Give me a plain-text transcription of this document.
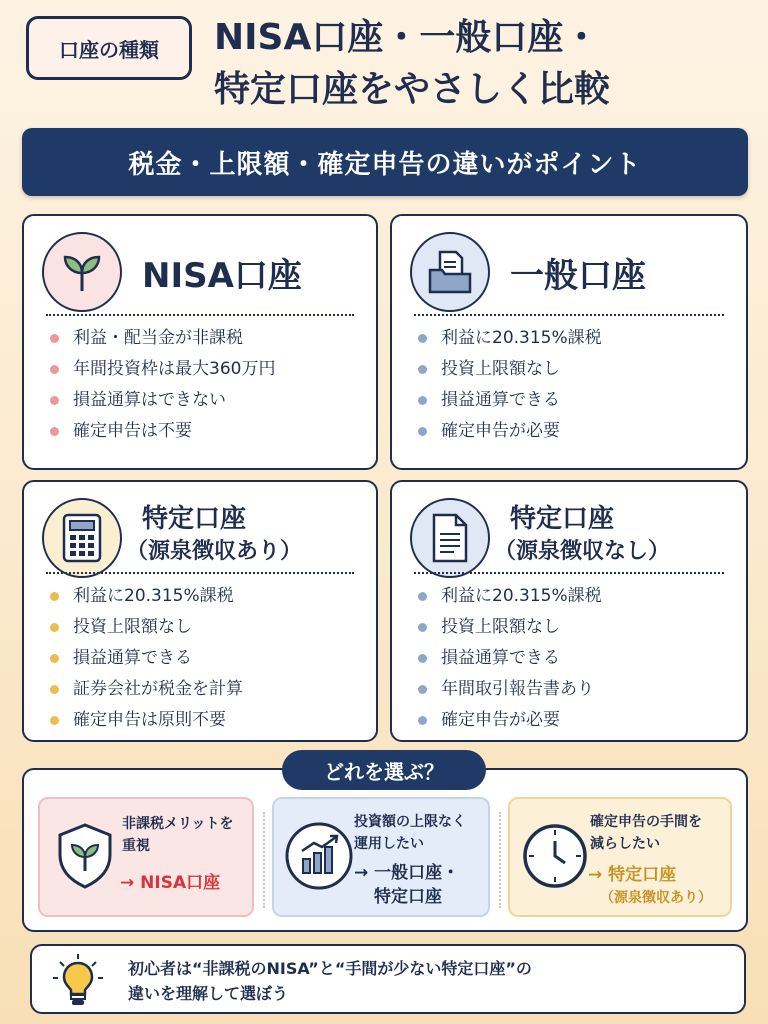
口座の種類 NISA口座・一般口座・
特定口座をやさしく比較
税金・上限額・確定申告の違いがポイント
NISA口座
利益・配当金が非課税
年間投資枠は最大360万円
損益通算はできない
確定申告は不要
一般口座
利益に20.315%課税
投資上限額なし
損益通算できる
確定申告が必要
特定口座
（源泉徴収あり）
利益に20.315%課税
投資上限額なし
損益通算できる
証券会社が税金を計算
確定申告は原則不要
特定口座
（源泉徴収なし）
利益に20.315%課税
投資上限額なし
損益通算できる
年間取引報告書あり
確定申告が必要
どれを選ぶ？
非課税メリットを
重視
→ NISA口座
投資額の上限なく
運用したい
→ 一般口座・
特定口座
確定申告の手間を
減らしたい
→ 特定口座
（源泉徴収あり）
初心者は“非課税のNISA”と“手間が少ない特定口座”の
違いを理解して選ぼう
